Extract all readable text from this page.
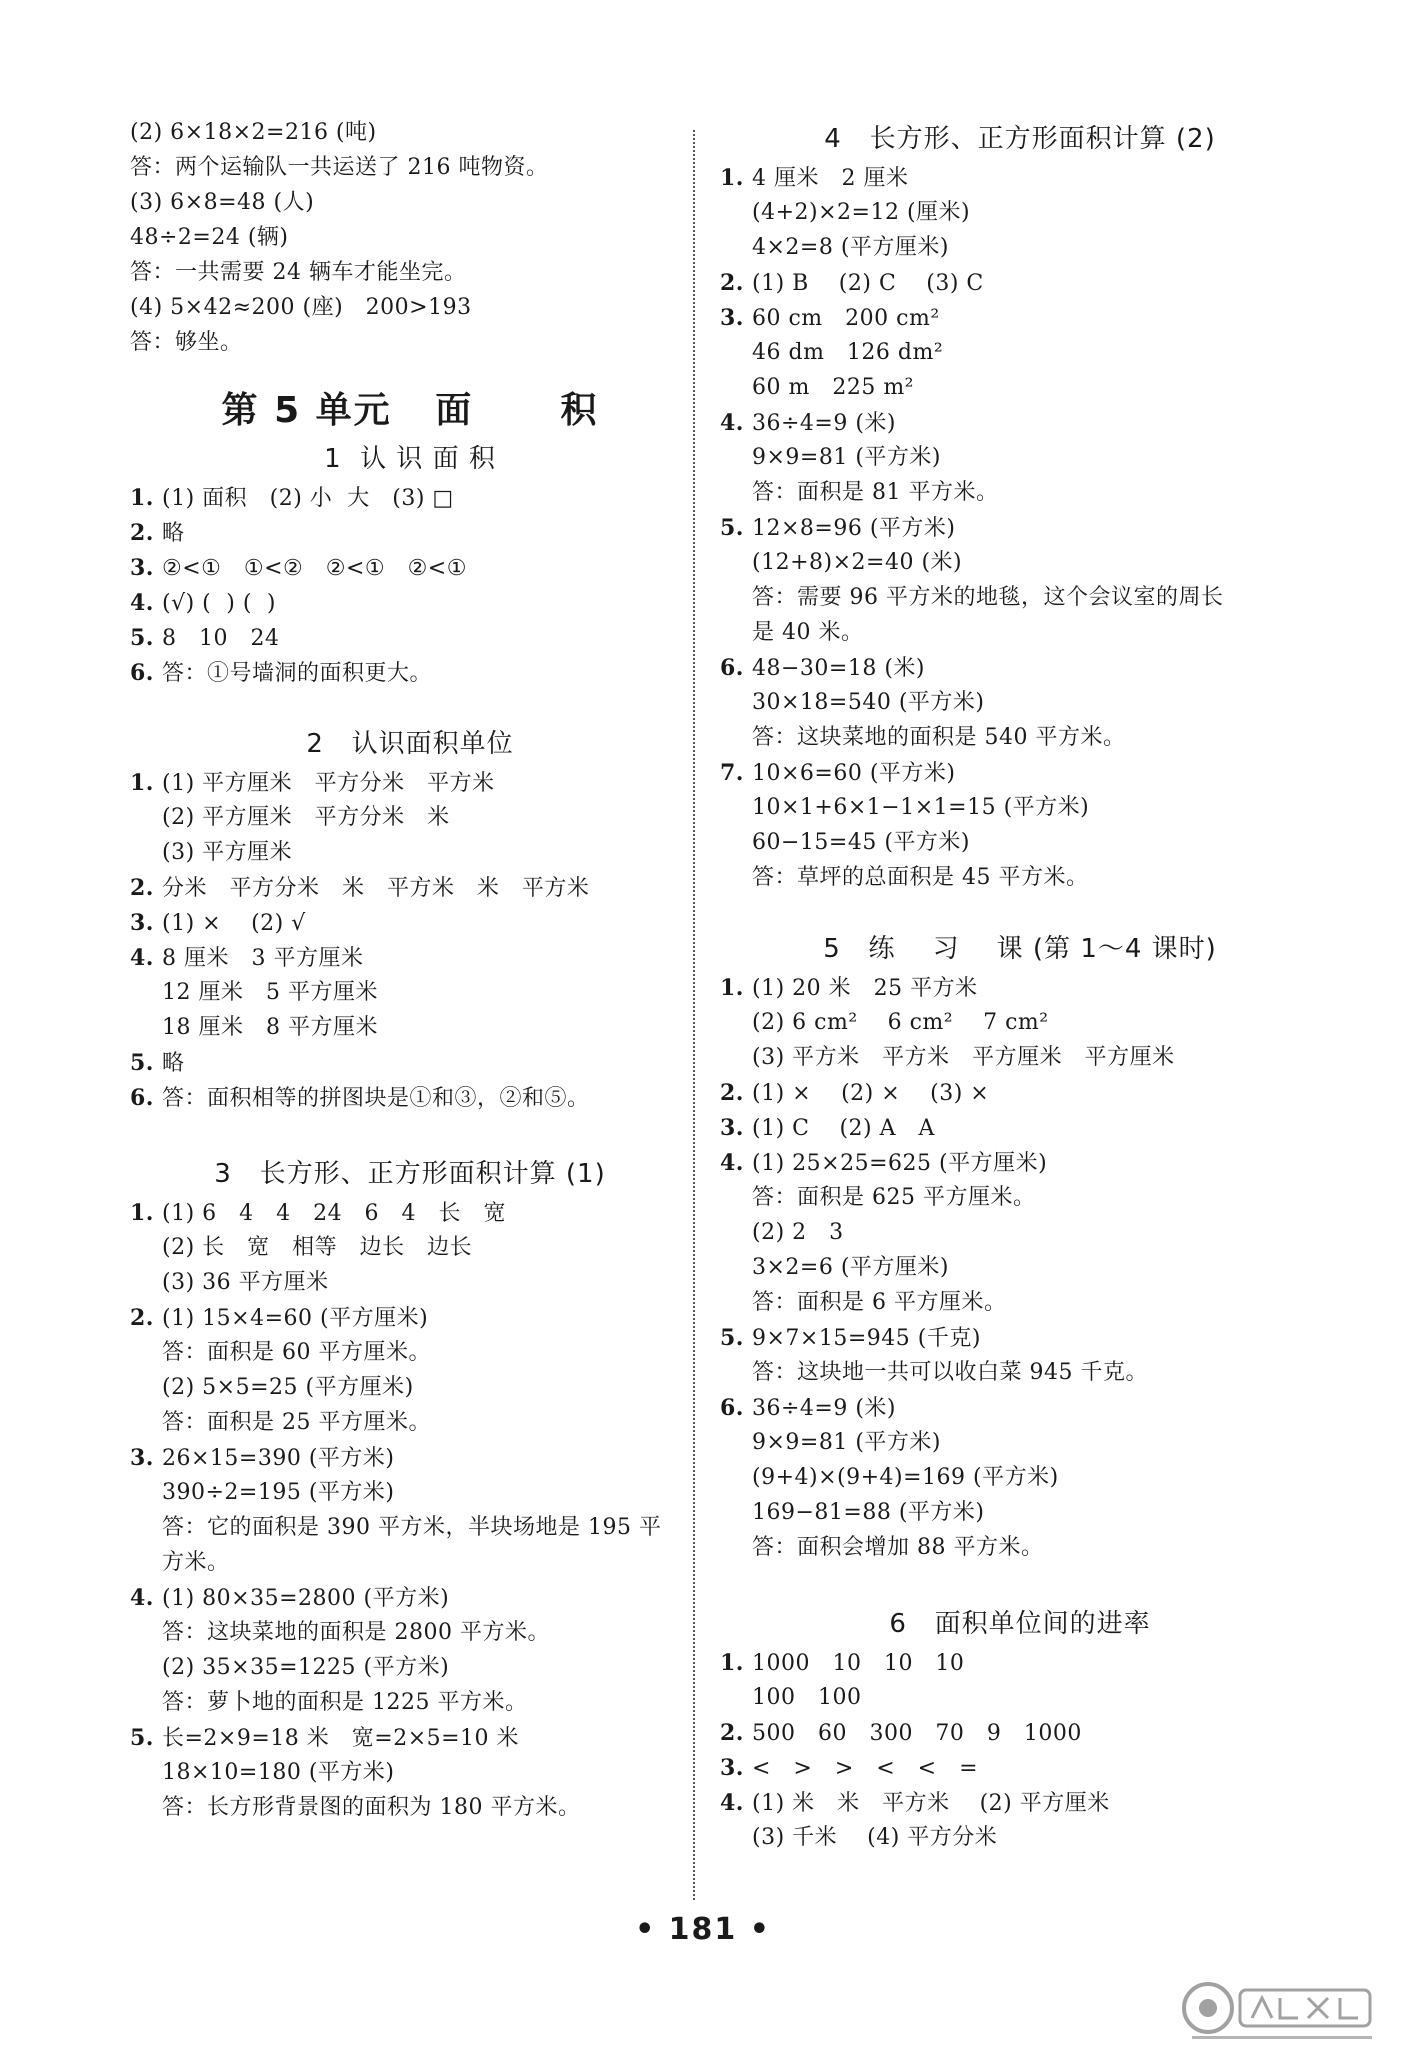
(2) 6×18×2=216 (吨)
答：两个运输队一共运送了 216 吨物资。
(3) 6×8=48 (人)
48÷2=24 (辆)
答：一共需要 24 辆车才能坐完。
(4) 5×42≈200 (座)   200>193
答：够坐。
第 5 单元   面      积
1  认 识 面 积
1. (1) 面积   (2) 小  大   (3) □
2. 略
3. ②<①   ①<②   ②<①   ②<①
4. (√) (  ) (  )
5. 8   10   24
6. 答：①号墙洞的面积更大。
2   认识面积单位
1. (1) 平方厘米   平方分米   平方米
(2) 平方厘米   平方分米   米
(3) 平方厘米
2. 分米   平方分米   米   平方米   米   平方米
3. (1) ×    (2) √
4. 8 厘米   3 平方厘米
12 厘米   5 平方厘米
18 厘米   8 平方厘米
5. 略
6. 答：面积相等的拼图块是①和③，②和⑤。
3   长方形、正方形面积计算 (1)
1. (1) 6   4   4   24   6   4   长   宽
(2) 长   宽   相等   边长   边长
(3) 36 平方厘米
2. (1) 15×4=60 (平方厘米)
答：面积是 60 平方厘米。
(2) 5×5=25 (平方厘米)
答：面积是 25 平方厘米。
3. 26×15=390 (平方米)
390÷2=195 (平方米)
答：它的面积是 390 平方米，半块场地是 195 平
方米。
4. (1) 80×35=2800 (平方米)
答：这块菜地的面积是 2800 平方米。
(2) 35×35=1225 (平方米)
答：萝卜地的面积是 1225 平方米。
5. 长=2×9=18 米   宽=2×5=10 米
18×10=180 (平方米)
答：长方形背景图的面积为 180 平方米。
4   长方形、正方形面积计算 (2)
1. 4 厘米   2 厘米
(4+2)×2=12 (厘米)
4×2=8 (平方厘米)
2. (1) B    (2) C    (3) C
3. 60 cm   200 cm²
46 dm   126 dm²
60 m   225 m²
4. 36÷4=9 (米)
9×9=81 (平方米)
答：面积是 81 平方米。
5. 12×8=96 (平方米)
(12+8)×2=40 (米)
答：需要 96 平方米的地毯，这个会议室的周长
是 40 米。
6. 48−30=18 (米)
30×18=540 (平方米)
答：这块菜地的面积是 540 平方米。
7. 10×6=60 (平方米)
10×1+6×1−1×1=15 (平方米)
60−15=45 (平方米)
答：草坪的总面积是 45 平方米。
5   练    习    课 (第 1～4 课时)
1. (1) 20 米   25 平方米
(2) 6 cm²    6 cm²    7 cm²
(3) 平方米   平方米   平方厘米   平方厘米
2. (1) ×    (2) ×    (3) ×
3. (1) C    (2) A   A
4. (1) 25×25=625 (平方厘米)
答：面积是 625 平方厘米。
(2) 2   3
3×2=6 (平方厘米)
答：面积是 6 平方厘米。
5. 9×7×15=945 (千克)
答：这块地一共可以收白菜 945 千克。
6. 36÷4=9 (米)
9×9=81 (平方米)
(9+4)×(9+4)=169 (平方米)
169−81=88 (平方米)
答：面积会增加 88 平方米。
6   面积单位间的进率
1. 1000   10   10   10
100   100
2. 500   60   300   70   9   1000
3. <   >   >   <   <   =
4. (1) 米   米   平方米    (2) 平方厘米
(3) 千米    (4) 平方分米
• 181 •
